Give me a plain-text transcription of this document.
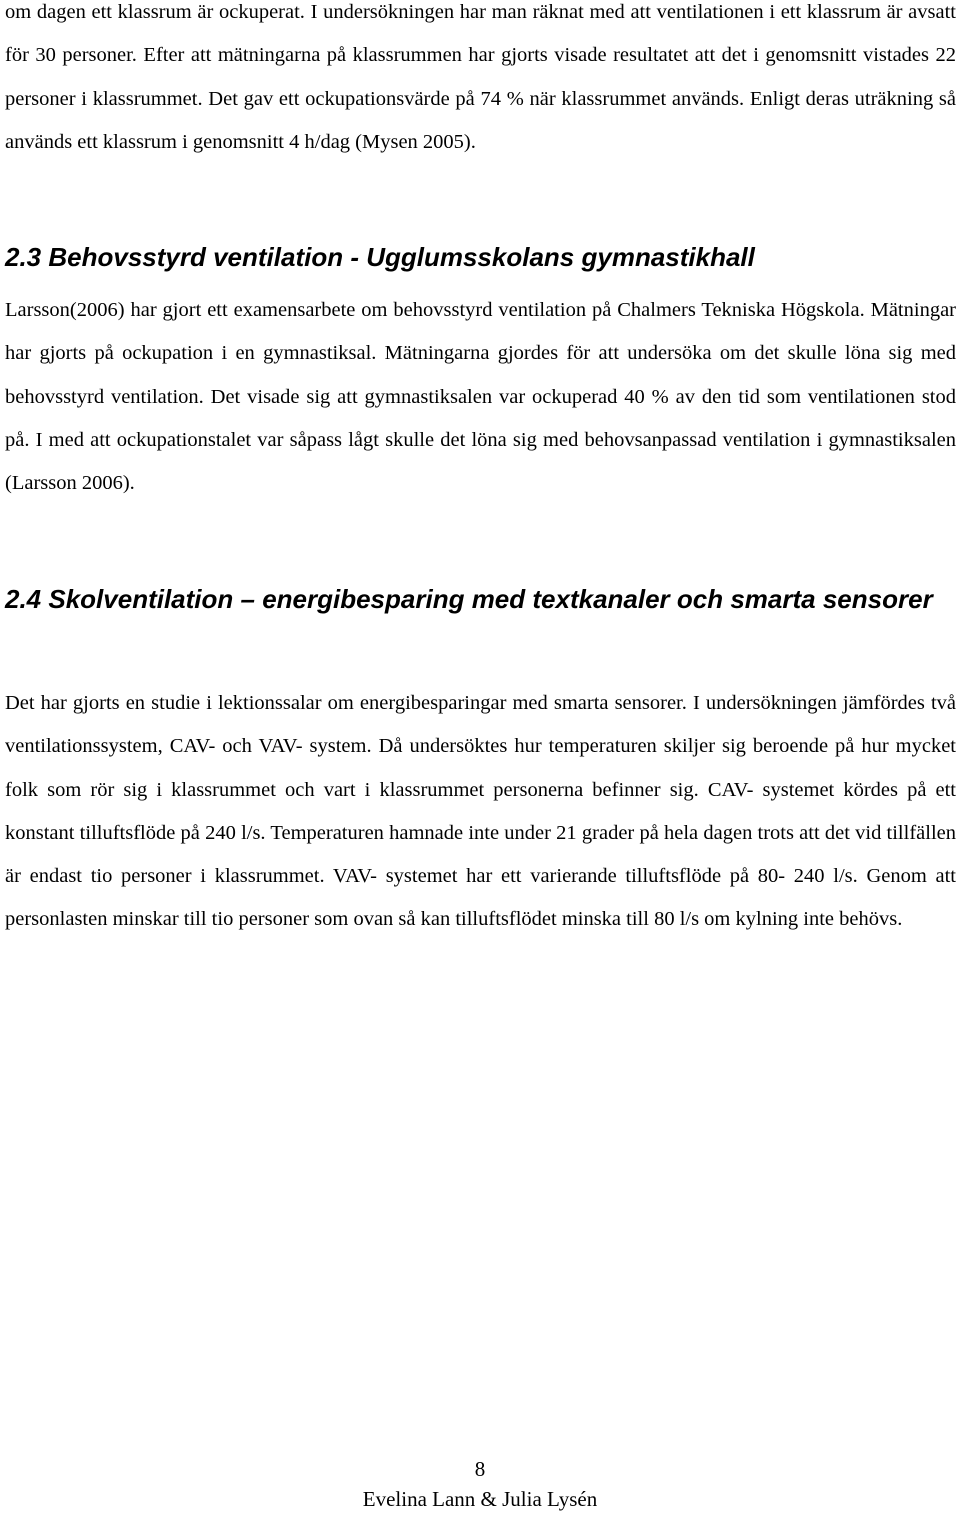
om dagen ett klassrum är ockuperat. I undersökningen har man räknat med att ventilationen i ett klassrum är avsatt för 30 personer. Efter att mätningarna på klassrummen har gjorts visade resultatet att det i genomsnitt vistades 22 personer i klassrummet. Det gav ett ockupationsvärde på 74 % när klassrummet används. Enligt deras uträkning så används ett klassrum i genomsnitt 4 h/dag (Mysen 2005).

2.3 Behovsstyrd ventilation - Ugglumsskolans gymnastikhall

Larsson(2006) har gjort ett examensarbete om behovsstyrd ventilation på Chalmers Tekniska Högskola. Mätningar har gjorts på ockupation i en gymnastiksal. Mätningarna gjordes för att undersöka om det skulle löna sig med behovsstyrd ventilation. Det visade sig att gymnastiksalen var ockuperad 40 % av den tid som ventilationen stod på. I med att ockupationstalet var såpass lågt skulle det löna sig med behovsanpassad ventilation i gymnastiksalen (Larsson 2006).

2.4 Skolventilation – energibesparing med textkanaler och smarta sensorer

Det har gjorts en studie i lektionssalar om energibesparingar med smarta sensorer. I undersökningen jämfördes två ventilationssystem, CAV- och VAV- system. Då undersöktes hur temperaturen skiljer sig beroende på hur mycket folk som rör sig i klassrummet och vart i klassrummet personerna befinner sig. CAV- systemet kördes på ett konstant tilluftsflöde på 240 l/s. Temperaturen hamnade inte under 21 grader på hela dagen trots att det vid tillfällen är endast tio personer i klassrummet. VAV- systemet har ett varierande tilluftsflöde på 80- 240 l/s. Genom att personlasten minskar till tio personer som ovan så kan tilluftsflödet minska till 80 l/s om kylning inte behövs.

8
Evelina Lann & Julia Lysén
